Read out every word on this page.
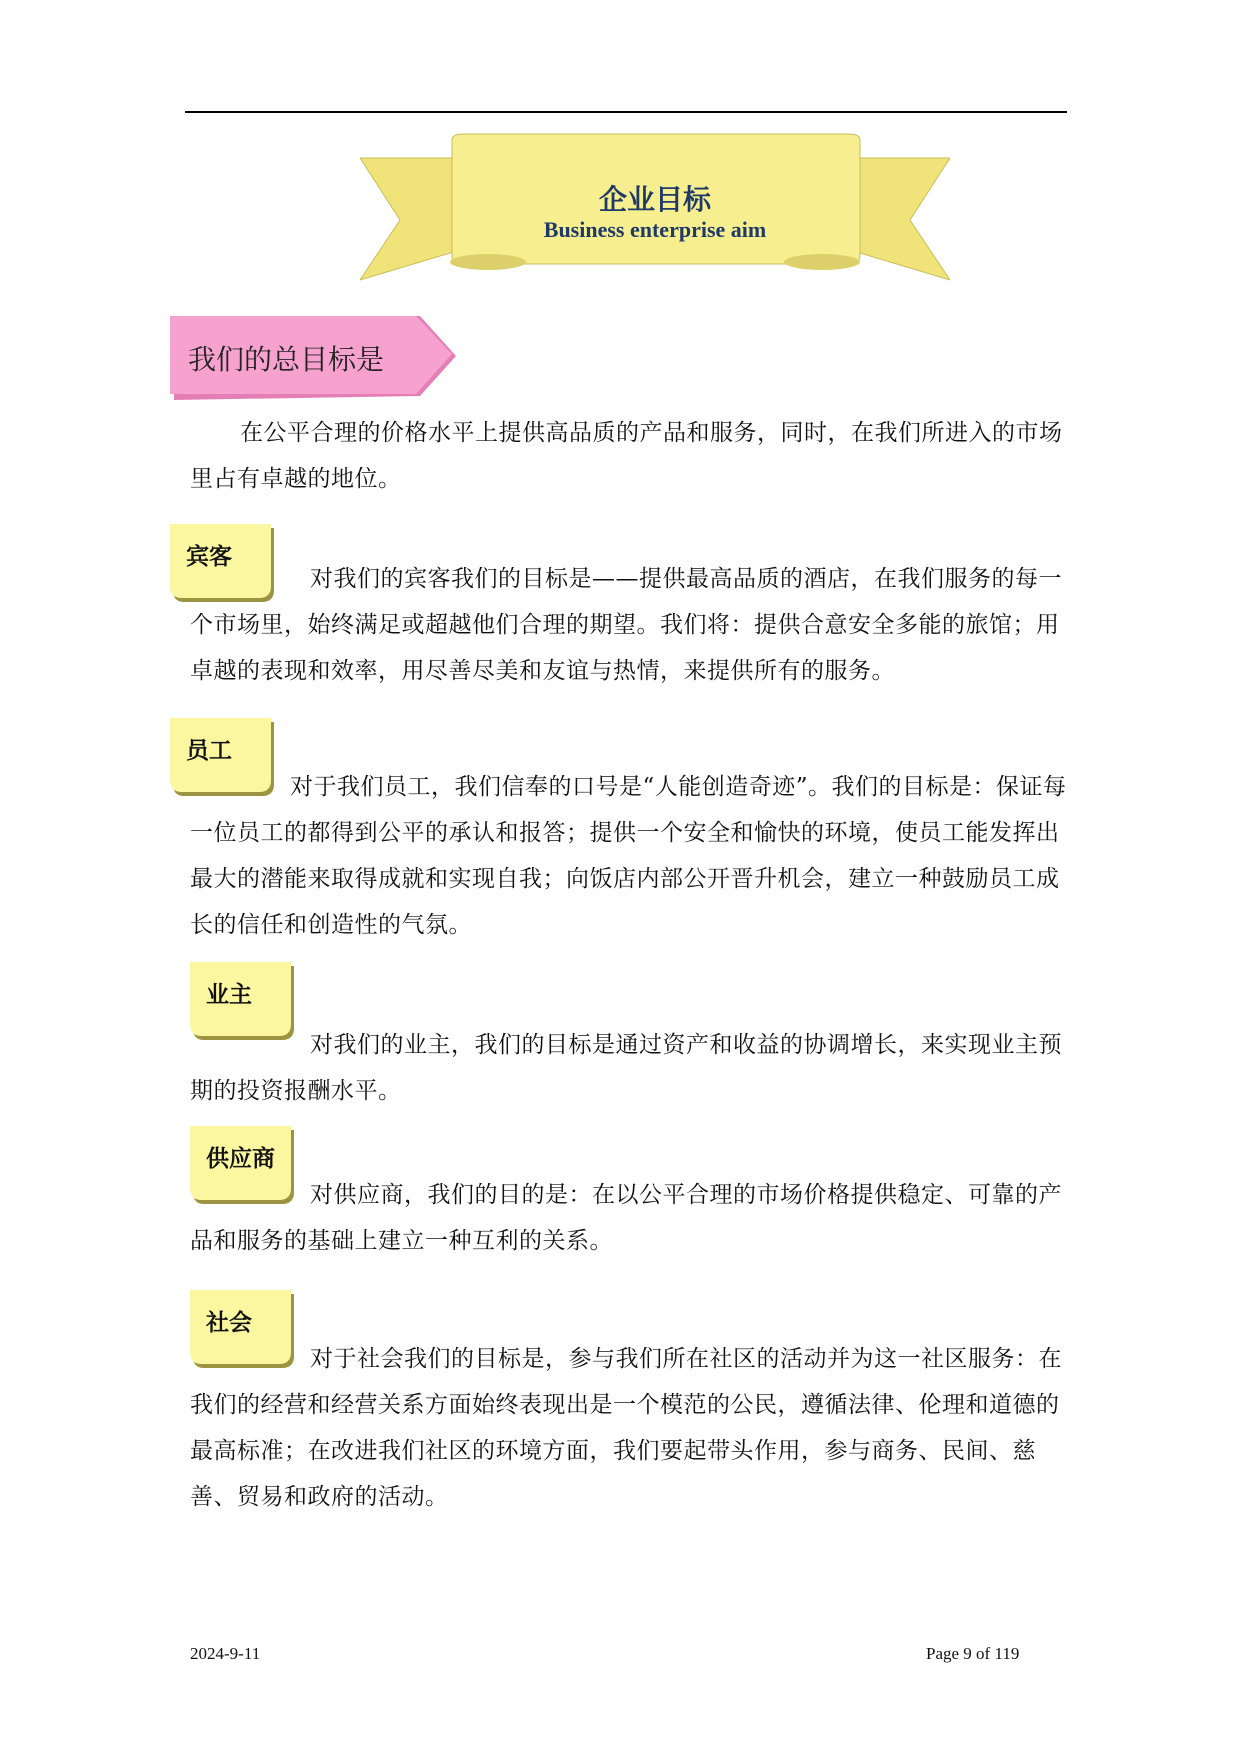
企业目标
Business enterprise aim
我们的总目标是

在公平合理的价格水平上提供高品质的产品和服务，同时，在我们所进入的市场里占有卓越的地位。

宾客

对我们的宾客我们的目标是——提供最高品质的酒店，在我们服务的每一个市场里，始终满足或超越他们合理的期望。我们将：提供合意安全多能的旅馆；用卓越的表现和效率，用尽善尽美和友谊与热情，来提供所有的服务。

员工

对于我们员工，我们信奉的口号是“人能创造奇迹”。我们的目标是：保证每一位员工的都得到公平的承认和报答；提供一个安全和愉快的环境，使员工能发挥出最大的潜能来取得成就和实现自我；向饭店内部公开晋升机会，建立一种鼓励员工成长的信任和创造性的气氛。

业主

对我们的业主，我们的目标是通过资产和收益的协调增长，来实现业主预期的投资报酬水平。

供应商

对供应商，我们的目的是：在以公平合理的市场价格提供稳定、可靠的产品和服务的基础上建立一种互利的关系。

社会

对于社会我们的目标是，参与我们所在社区的活动并为这一社区服务：在我们的经营和经营关系方面始终表现出是一个模范的公民，遵循法律、伦理和道德的最高标准；在改进我们社区的环境方面，我们要起带头作用，参与商务、民间、慈善、贸易和政府的活动。

2024-9-11	Page 9 of 119
